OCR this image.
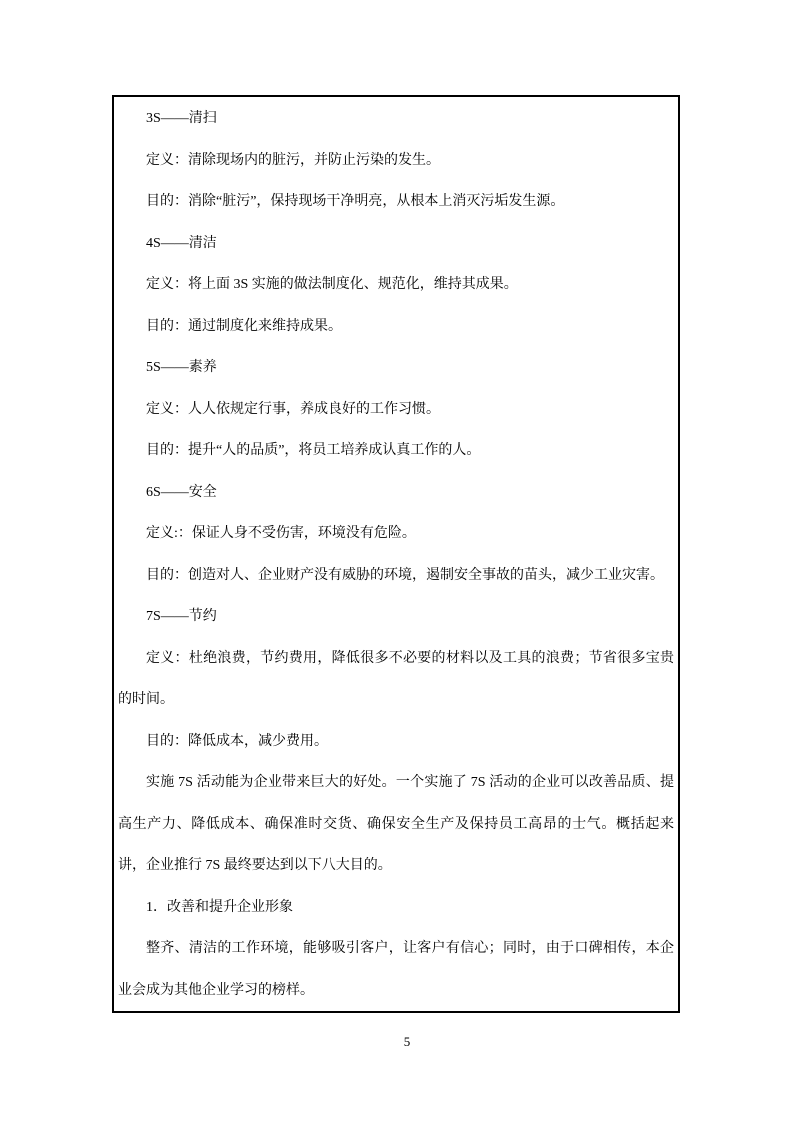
3S——清扫

定义：清除现场内的脏污，并防止污染的发生。

目的：消除“脏污”，保持现场干净明亮，从根本上消灭污垢发生源。

4S——清洁

定义：将上面 3S 实施的做法制度化、规范化，维持其成果。

目的：通过制度化来维持成果。

5S——素养

定义：人人依规定行事，养成良好的工作习惯。

目的：提升“人的品质”，将员工培养成认真工作的人。

6S——安全

定义:：保证人身不受伤害，环境没有危险。

目的：创造对人、企业财产没有威胁的环境，遏制安全事故的苗头，减少工业灾害。

7S——节约

定义：杜绝浪费，节约费用，降低很多不必要的材料以及工具的浪费；节省很多宝贵的时间。

目的：降低成本，减少费用。

实施 7S 活动能为企业带来巨大的好处。一个实施了 7S 活动的企业可以改善品质、提高生产力、降低成本、确保准时交货、确保安全生产及保持员工高昂的士气。概括起来讲，企业推行 7S 最终要达到以下八大目的。

1．改善和提升企业形象

整齐、清洁的工作环境，能够吸引客户，让客户有信心；同时，由于口碑相传，本企业会成为其他企业学习的榜样。

5
